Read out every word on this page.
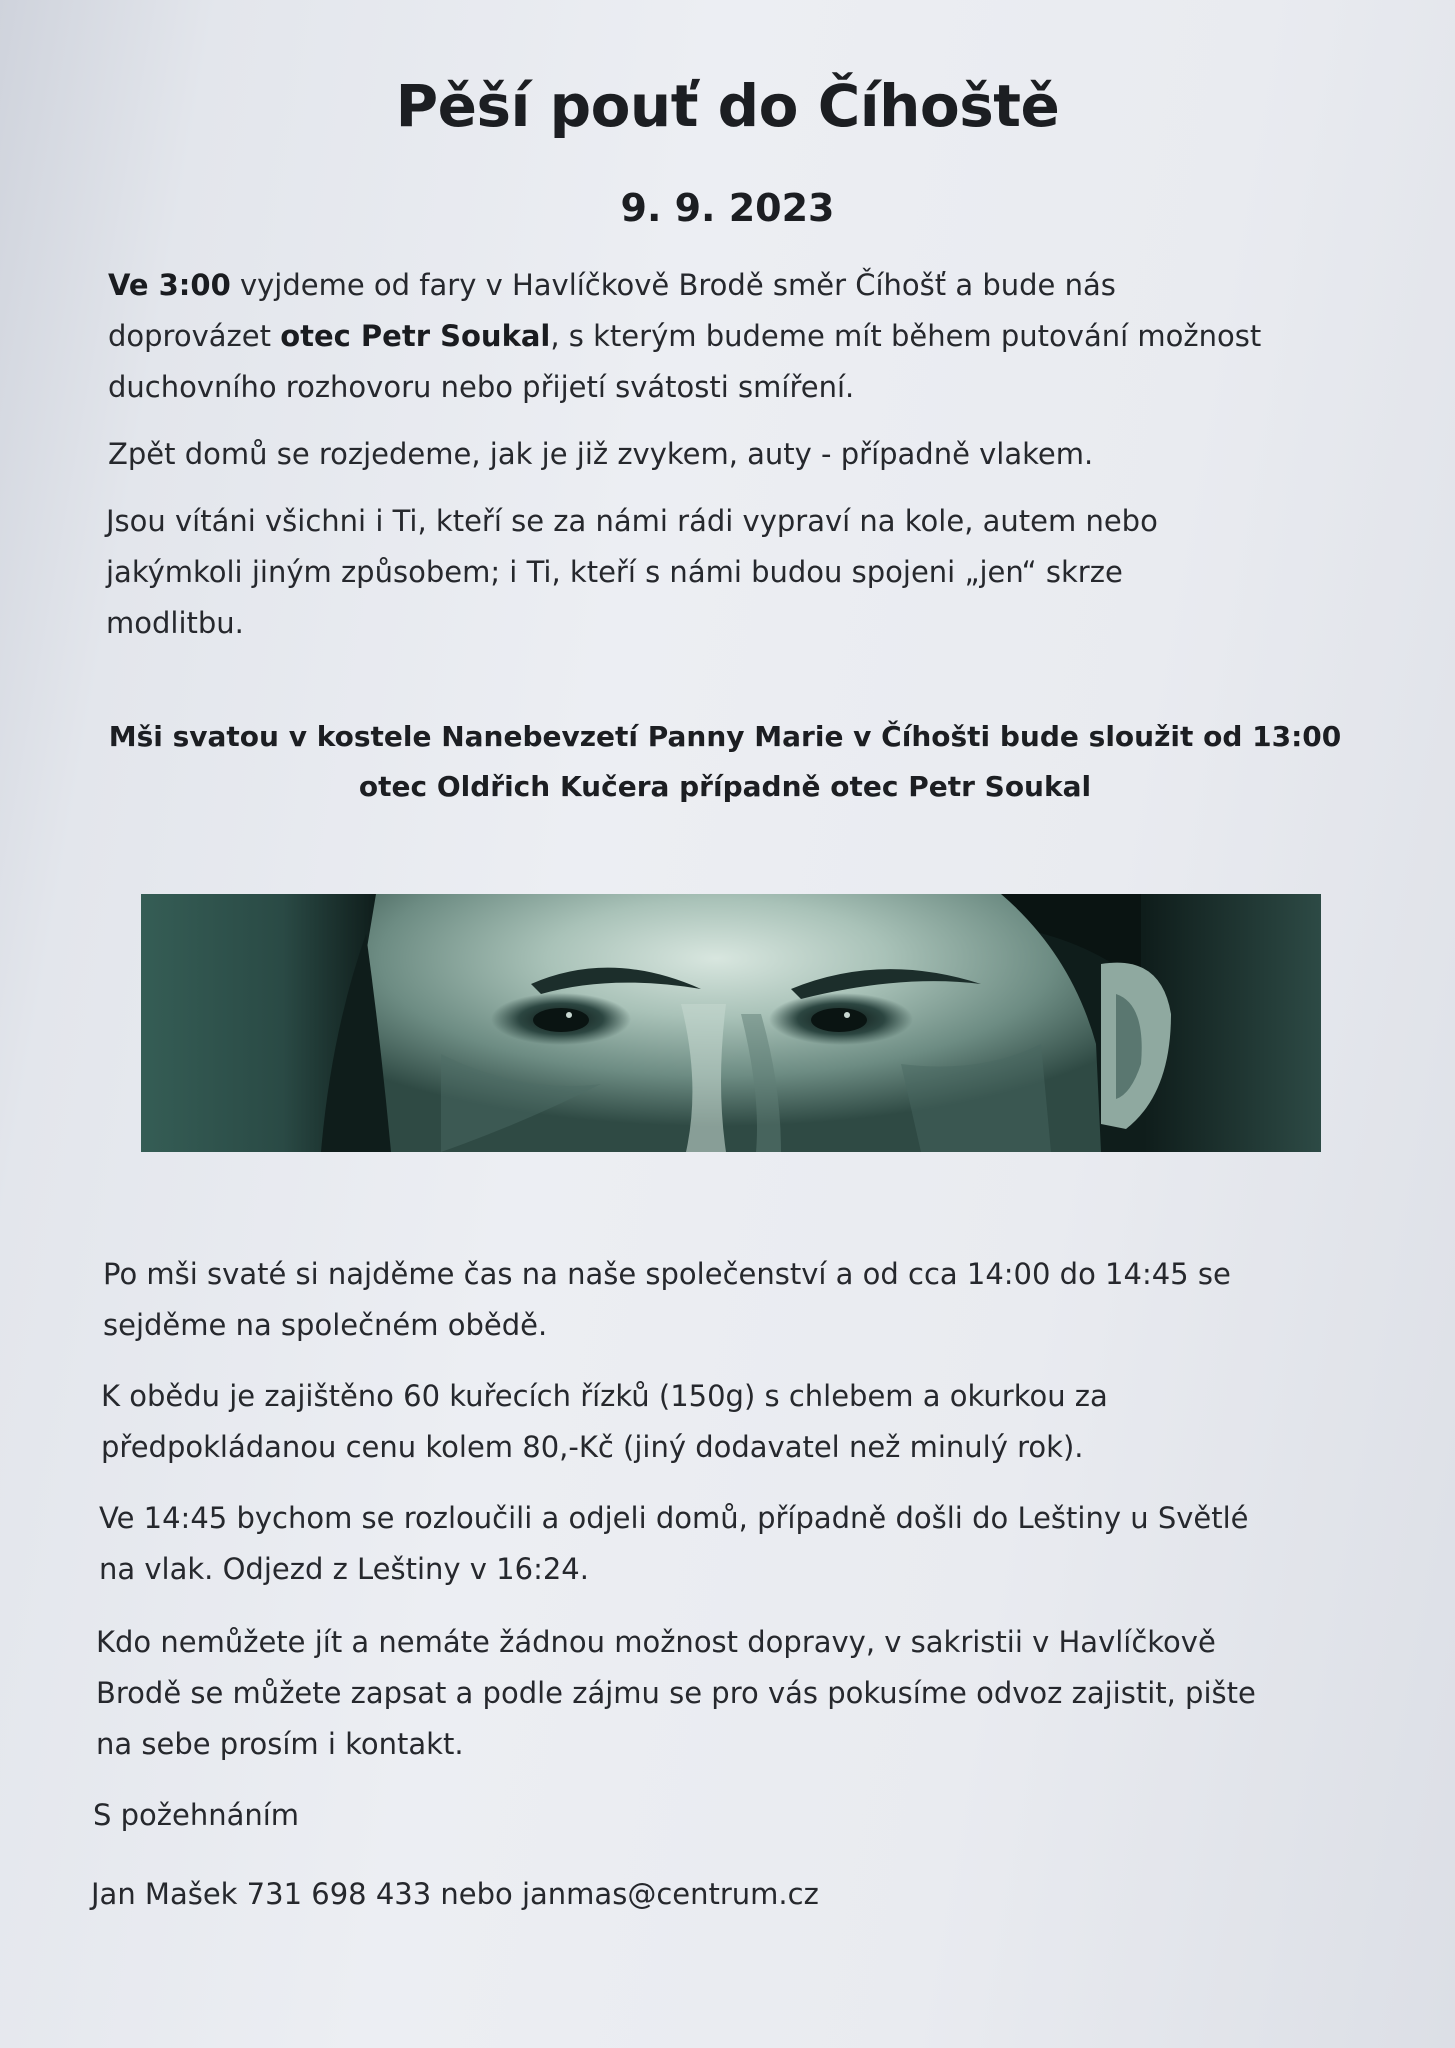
Pěší pouť do Číhoště
9. 9. 2023
Ve 3:00 vyjdeme od fary v Havlíčkově Brodě směr Číhošť a bude nás
doprovázet otec Petr Soukal, s kterým budeme mít během putování možnost
duchovního rozhovoru nebo přijetí svátosti smíření.
Zpět domů se rozjedeme, jak je již zvykem, auty - případně vlakem.
Jsou vítáni všichni i Ti, kteří se za námi rádi vypraví na kole, autem nebo
jakýmkoli jiným způsobem; i Ti, kteří s námi budou spojeni „jen“ skrze
modlitbu.
Mši svatou v kostele Nanebevzetí Panny Marie v Číhošti bude sloužit od 13:00
otec Oldřich Kučera případně otec Petr Soukal
Po mši svaté si najděme čas na naše společenství a od cca 14:00 do 14:45 se
sejděme na společném obědě.
K obědu je zajištěno 60 kuřecích řízků (150g) s chlebem a okurkou za
předpokládanou cenu kolem 80,-Kč (jiný dodavatel než minulý rok).
Ve 14:45 bychom se rozloučili a odjeli domů, případně došli do Leštiny u Světlé
na vlak. Odjezd z Leštiny v 16:24.
Kdo nemůžete jít a nemáte žádnou možnost dopravy, v sakristii v Havlíčkově
Brodě se můžete zapsat a podle zájmu se pro vás pokusíme odvoz zajistit, pište
na sebe prosím i kontakt.
S požehnáním
Jan Mašek 731 698 433 nebo janmas@centrum.cz
